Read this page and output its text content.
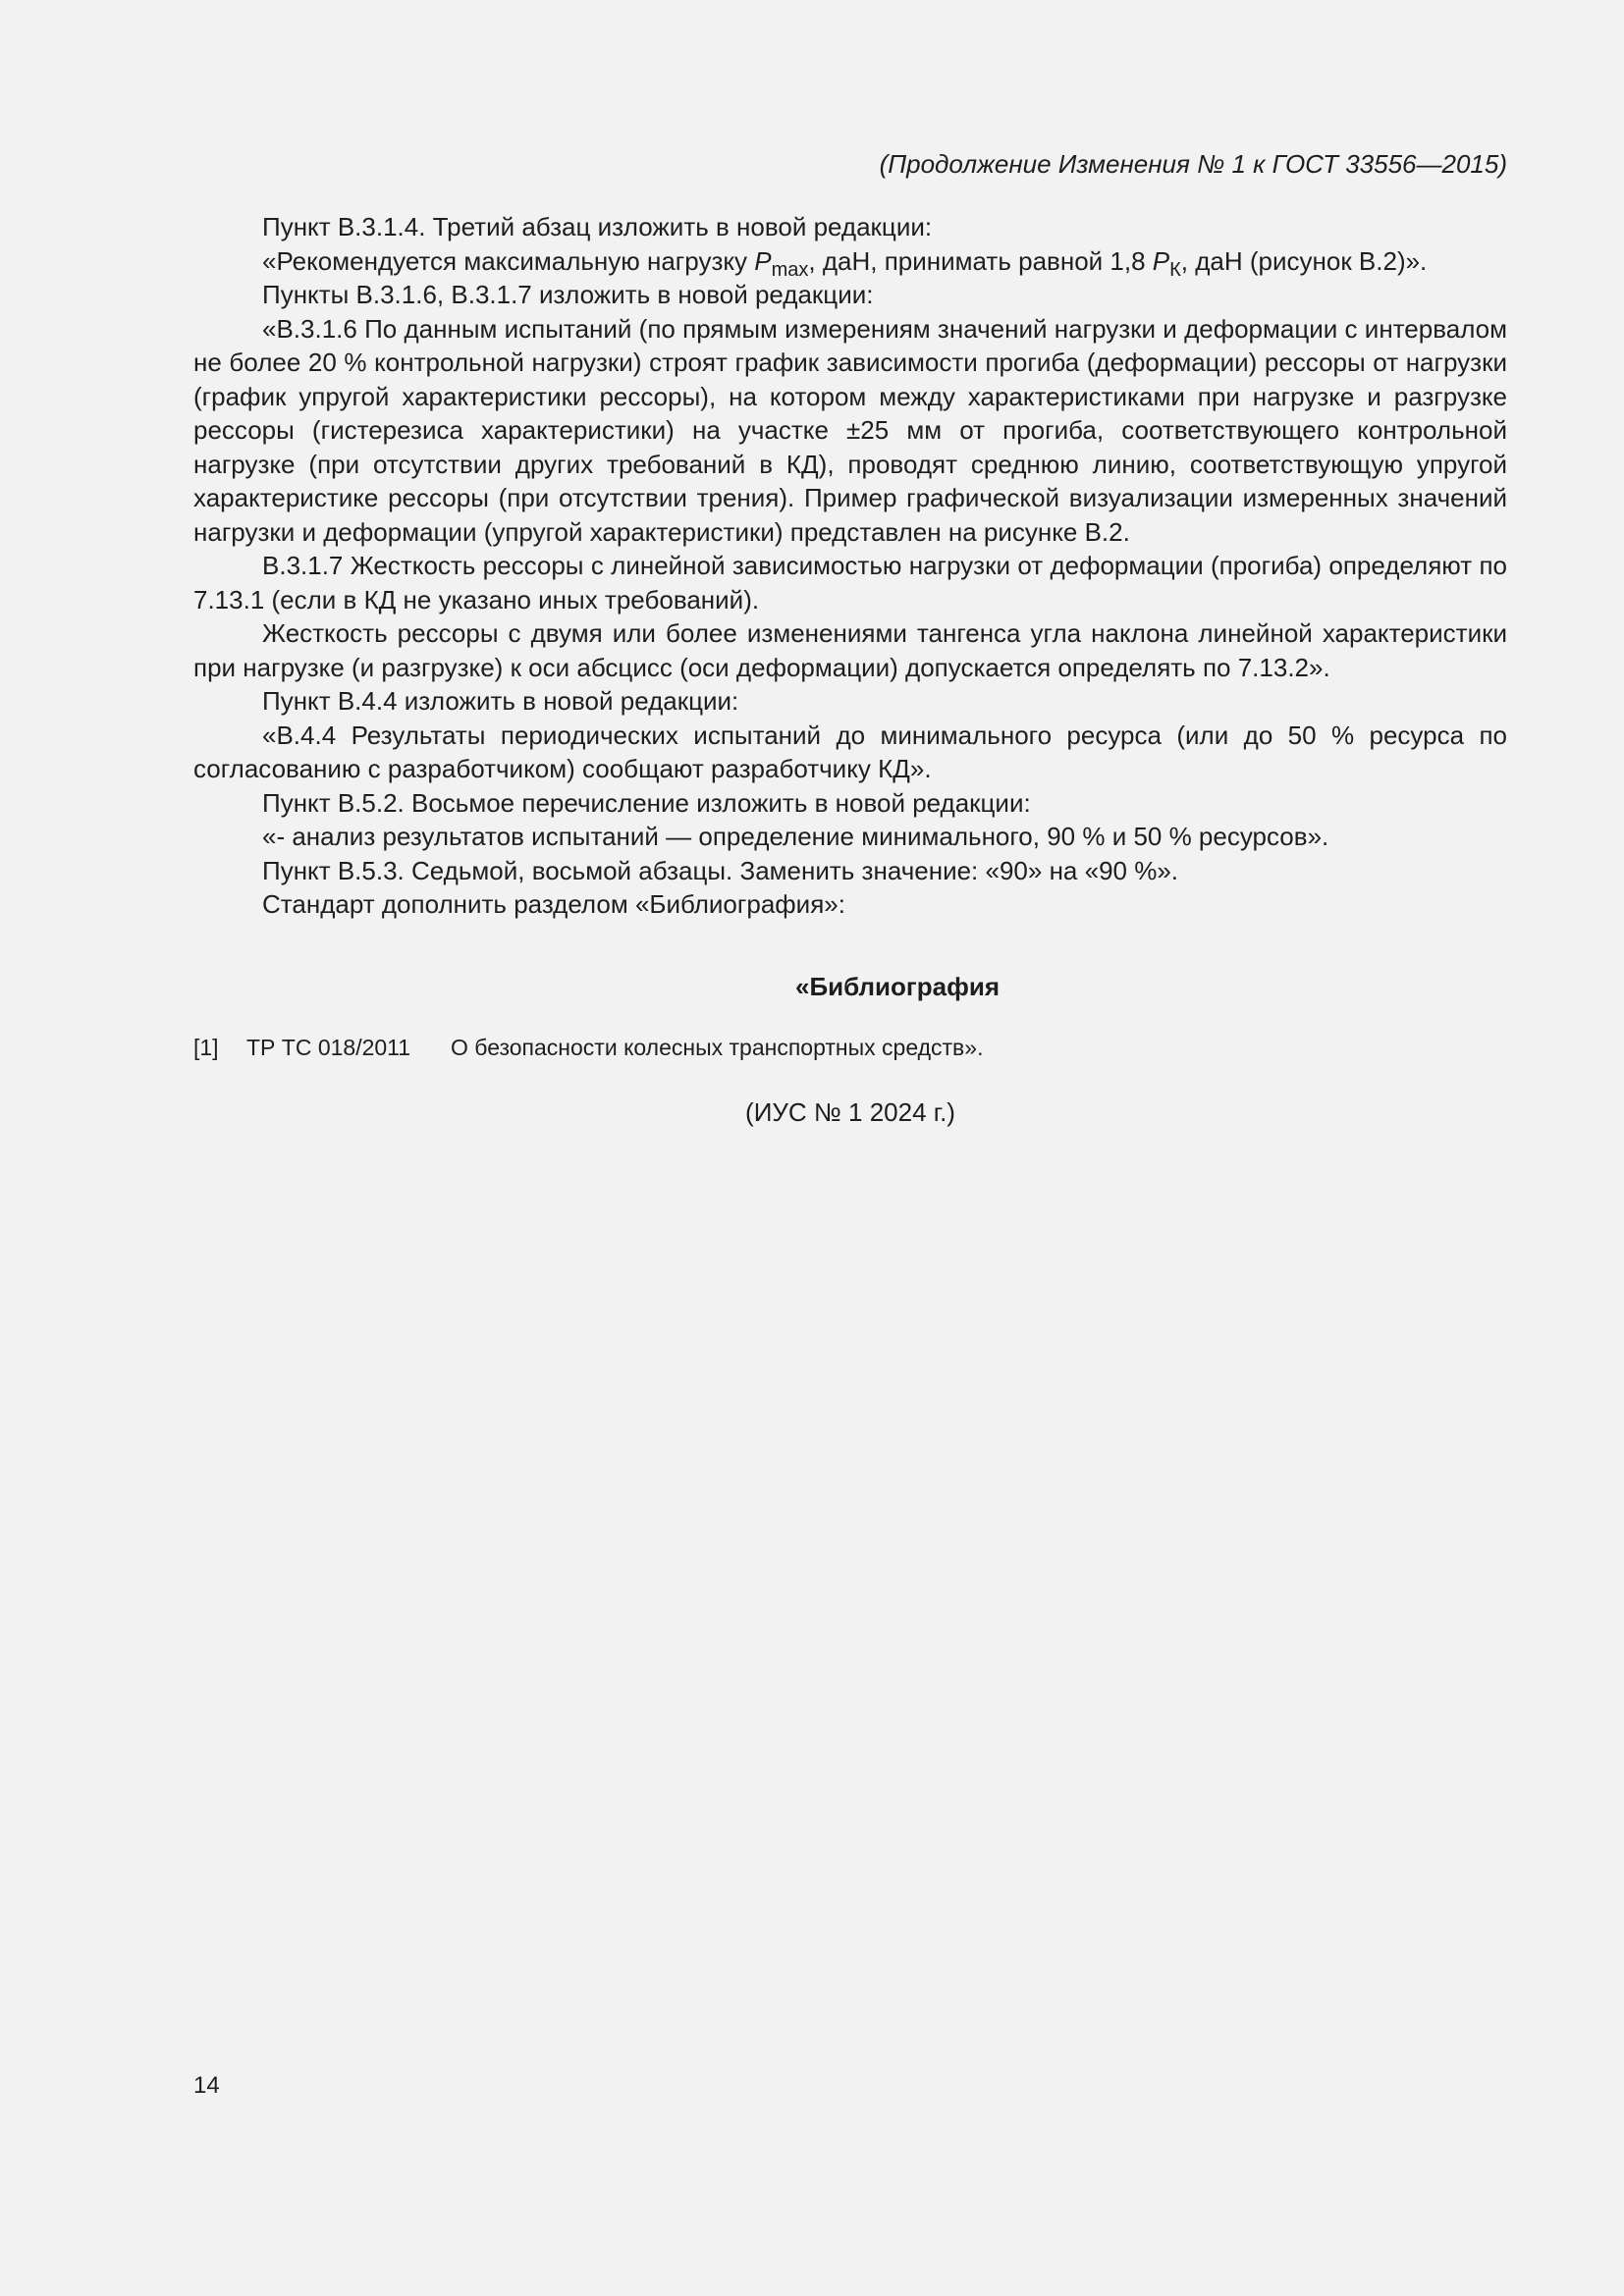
(Продолжение Изменения № 1 к ГОСТ 33556—2015)

Пункт В.3.1.4. Третий абзац изложить в новой редакции:

«Рекомендуется максимальную нагрузку $P_{max}$, даН, принимать равной 1,8 $P_К$, даН (рисунок В.2)».

Пункты В.3.1.6, В.3.1.7 изложить в новой редакции:

«В.3.1.6 По данным испытаний (по прямым измерениям значений нагрузки и деформации с интервалом не более 20 % контрольной нагрузки) строят график зависимости прогиба (деформации) рессоры от нагрузки (график упругой характеристики рессоры), на котором между характеристиками при нагрузке и разгрузке рессоры (гистерезиса характеристики) на участке ±25 мм от прогиба, соответствующего контрольной нагрузке (при отсутствии других требований в КД), проводят среднюю линию, соответствующую упругой характеристике рессоры (при отсутствии трения). Пример графической визуализации измеренных значений нагрузки и деформации (упругой характеристики) представлен на рисунке В.2.

В.3.1.7 Жесткость рессоры с линейной зависимостью нагрузки от деформации (прогиба) определяют по 7.13.1 (если в КД не указано иных требований).

Жесткость рессоры с двумя или более изменениями тангенса угла наклона линейной характеристики при нагрузке (и разгрузке) к оси абсцисс (оси деформации) допускается определять по 7.13.2».

Пункт В.4.4 изложить в новой редакции:

«В.4.4 Результаты периодических испытаний до минимального ресурса (или до 50 % ресурса по согласованию с разработчиком) сообщают разработчику КД».

Пункт В.5.2. Восьмое перечисление изложить в новой редакции:

«- анализ результатов испытаний — определение минимального, 90 % и 50 % ресурсов».

Пункт В.5.3. Седьмой, восьмой абзацы. Заменить значение: «90» на «90 %».

Стандарт дополнить разделом «Библиография»:

«Библиография
[1] ТР ТС 018/2011 О безопасности колесных транспортных средств».
(ИУС № 1 2024 г.)
14
